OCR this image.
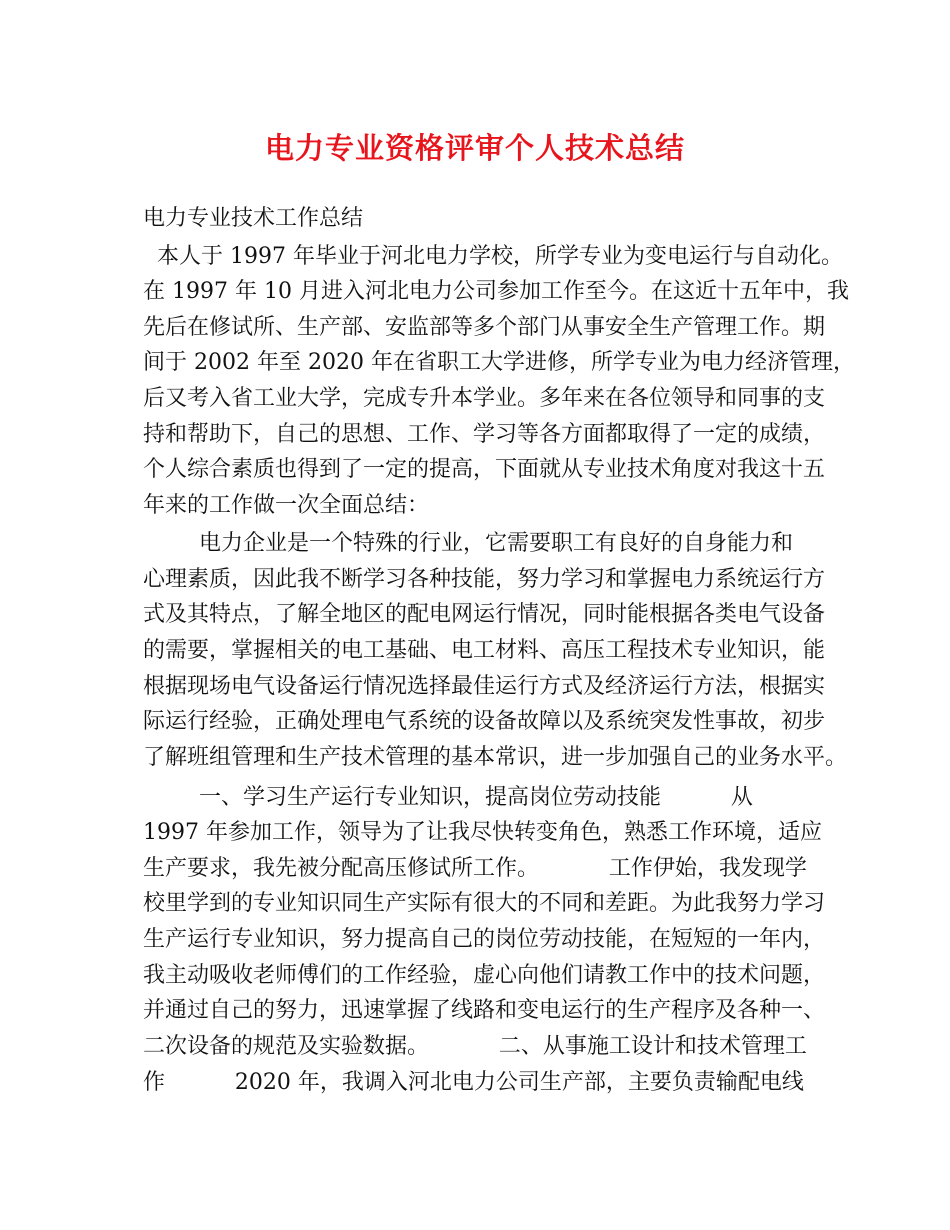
电力专业资格评审个人技术总结
电力专业技术工作总结
本人于 1997 年毕业于河北电力学校，所学专业为变电运行与自动化。
在 1997 年 10 月进入河北电力公司参加工作至今。在这近十五年中，我
先后在修试所、生产部、安监部等多个部门从事安全生产管理工作。期
间于 2002 年至 2020 年在省职工大学进修，所学专业为电力经济管理，
后又考入省工业大学，完成专升本学业。多年来在各位领导和同事的支
持和帮助下，自己的思想、工作、学习等各方面都取得了一定的成绩，
个人综合素质也得到了一定的提高，下面就从专业技术角度对我这十五
年来的工作做一次全面总结：
电力企业是一个特殊的行业，它需要职工有良好的自身能力和
心理素质，因此我不断学习各种技能，努力学习和掌握电力系统运行方
式及其特点，了解全地区的配电网运行情况，同时能根据各类电气设备
的需要，掌握相关的电工基础、电工材料、高压工程技术专业知识，能
根据现场电气设备运行情况选择最佳运行方式及经济运行方法，根据实
际运行经验，正确处理电气系统的设备故障以及系统突发性事故，初步
了解班组管理和生产技术管理的基本常识，进一步加强自己的业务水平。
一、学习生产运行专业知识，提高岗位劳动技能          从
1997 年参加工作，领导为了让我尽快转变角色，熟悉工作环境，适应
生产要求，我先被分配高压修试所工作。          工作伊始，我发现学
校里学到的专业知识同生产实际有很大的不同和差距。为此我努力学习
生产运行专业知识，努力提高自己的岗位劳动技能，在短短的一年内，
我主动吸收老师傅们的工作经验，虚心向他们请教工作中的技术问题，
并通过自己的努力，迅速掌握了线路和变电运行的生产程序及各种一、
二次设备的规范及实验数据。          二、从事施工设计和技术管理工
作          2020 年，我调入河北电力公司生产部，主要负责输配电线
